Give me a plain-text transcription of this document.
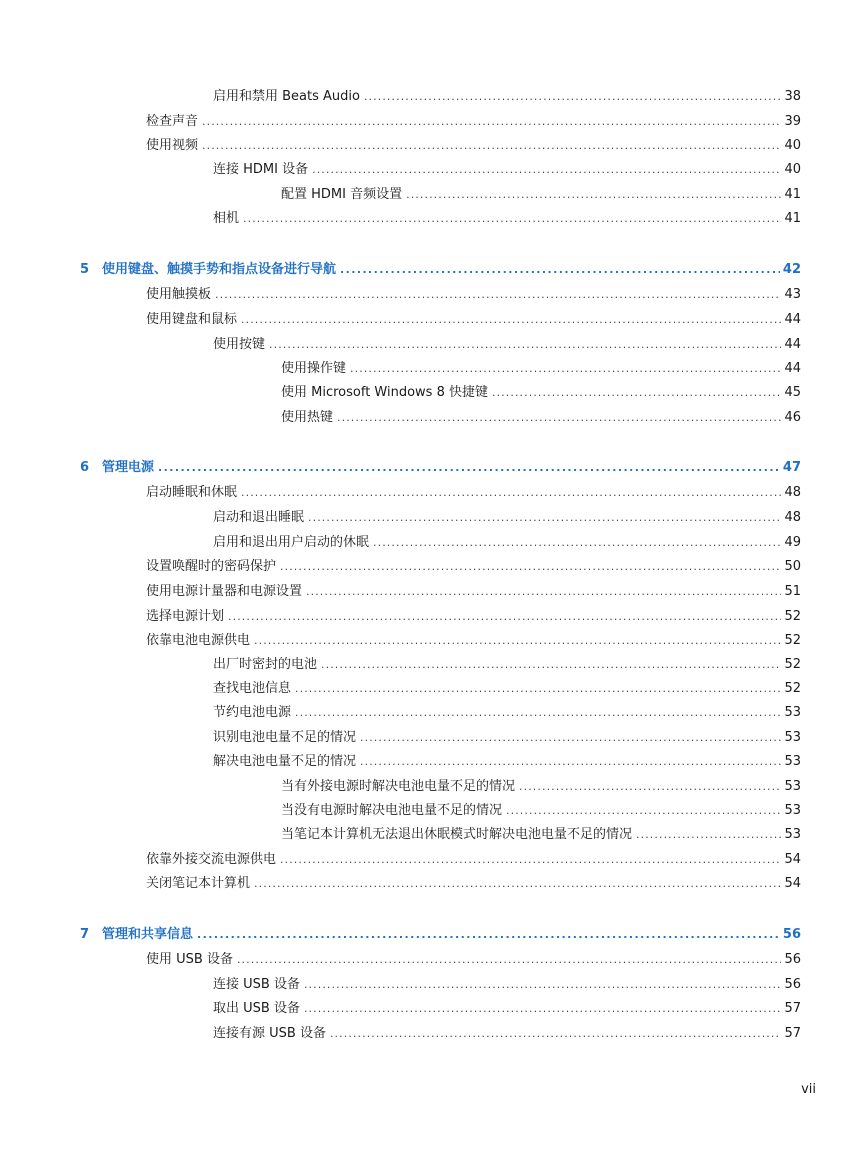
启用和禁用 Beats Audio . . .	38
检查声音 . . .	39
使用视频 . . .	40
连接 HDMI 设备 . . .	40
配置 HDMI 音频设置 . . .	41
相机 . . .	41
5 使用键盘、触摸手势和指点设备进行导航 . . .	42
使用触摸板 . . .	43
使用键盘和鼠标 . . .	44
使用按键 . . .	44
使用操作键 . . .	44
使用 Microsoft Windows 8 快捷键 . . .	45
使用热键 . . .	46
6 管理电源 . . .	47
启动睡眠和休眠 . . .	48
启动和退出睡眠 . . .	48
启用和退出用户启动的休眠 . . .	49
设置唤醒时的密码保护 . . .	50
使用电源计量器和电源设置 . . .	51
选择电源计划 . . .	52
依靠电池电源供电 . . .	52
出厂时密封的电池 . . .	52
查找电池信息 . . .	52
节约电池电源 . . .	53
识别电池电量不足的情况 . . .	53
解决电池电量不足的情况 . . .	53
当有外接电源时解决电池电量不足的情况 . . .	53
当没有电源时解决电池电量不足的情况 . . .	53
当笔记本计算机无法退出休眠模式时解决电池电量不足的情况 . . .	53
依靠外接交流电源供电 . . .	54
关闭笔记本计算机 . . .	54
7 管理和共享信息 . . .	56
使用 USB 设备 . . .	56
连接 USB 设备 . . .	56
取出 USB 设备 . . .	57
连接有源 USB 设备 . . .	57
vii
